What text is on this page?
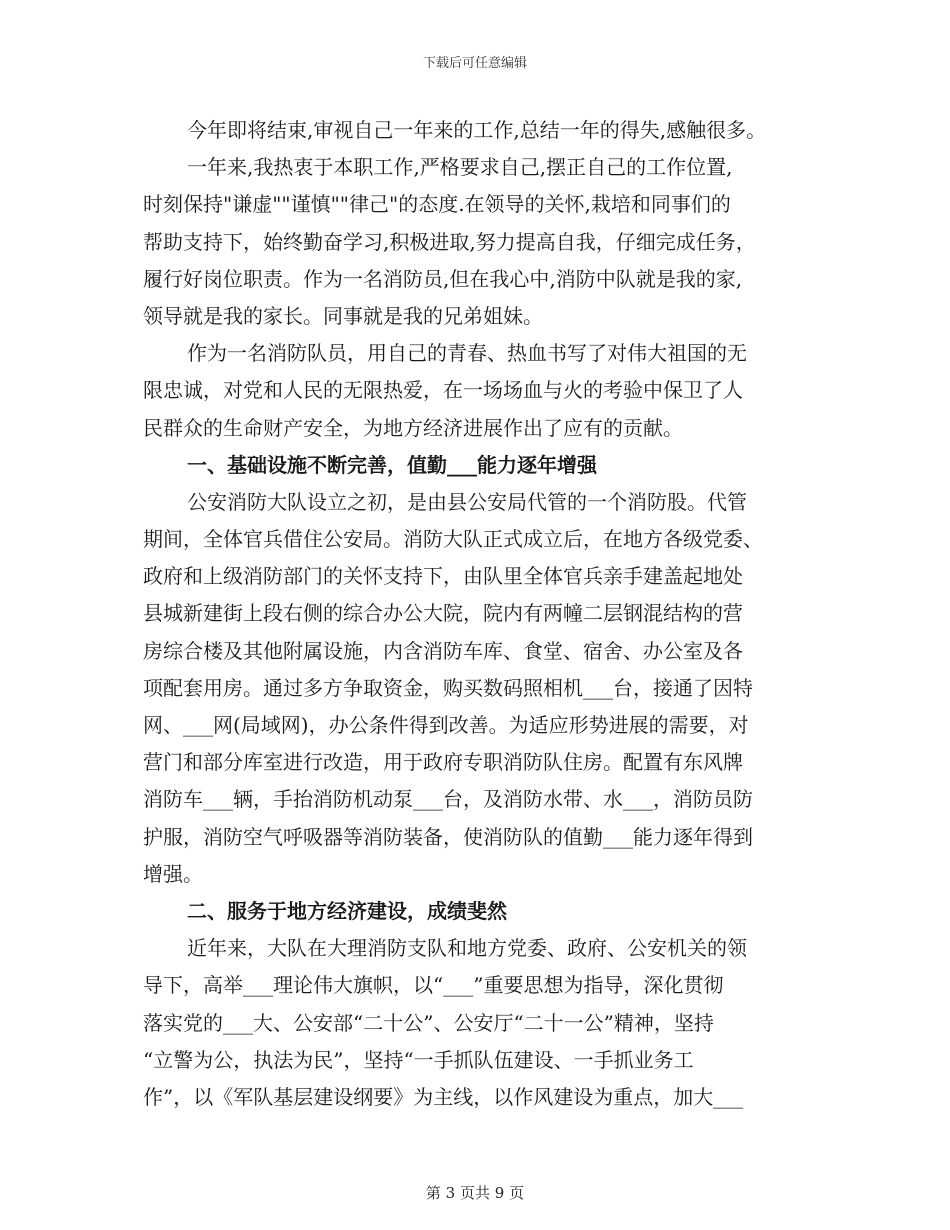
下载后可任意编辑
今年即将结束,审视自己一年来的工作,总结一年的得失,感触很多。
一年来,我热衷于本职工作,严格要求自己,摆正自己的工作位置,
时刻保持"谦虚""谨慎""律己"的态度.在领导的关怀,栽培和同事们的
帮助支持下，始终勤奋学习,积极进取,努力提高自我，仔细完成任务，
履行好岗位职责。作为一名消防员,但在我心中,消防中队就是我的家,
领导就是我的家长。同事就是我的兄弟姐妹。
作为一名消防队员，用自己的青春、热血书写了对伟大祖国的无
限忠诚，对党和人民的无限热爱，在一场场血与火的考验中保卫了人
民群众的生命财产安全，为地方经济进展作出了应有的贡献。
一、基础设施不断完善，值勤___能力逐年增强
公安消防大队设立之初，是由县公安局代管的一个消防股。代管
期间，全体官兵借住公安局。消防大队正式成立后，在地方各级党委、
政府和上级消防部门的关怀支持下，由队里全体官兵亲手建盖起地处
县城新建街上段右侧的综合办公大院，院内有两幢二层钢混结构的营
房综合楼及其他附属设施，内含消防车库、食堂、宿舍、办公室及各
项配套用房。通过多方争取资金，购买数码照相机___台，接通了因特
网、___网(局域网)，办公条件得到改善。为适应形势进展的需要，对
营门和部分库室进行改造，用于政府专职消防队住房。配置有东风牌
消防车___辆，手抬消防机动泵___台，及消防水带、水___，消防员防
护服，消防空气呼吸器等消防装备，使消防队的值勤___能力逐年得到
增强。
二、服务于地方经济建设，成绩斐然
近年来，大队在大理消防支队和地方党委、政府、公安机关的领
导下，高举___理论伟大旗帜，以“___”重要思想为指导，深化贯彻
落实党的___大、公安部“二十公”、公安厅“二十一公”精神，坚持
“立警为公，执法为民”，坚持“一手抓队伍建设、一手抓业务工
作”，以《军队基层建设纲要》为主线，以作风建设为重点，加大___
第 3 页共 9 页
